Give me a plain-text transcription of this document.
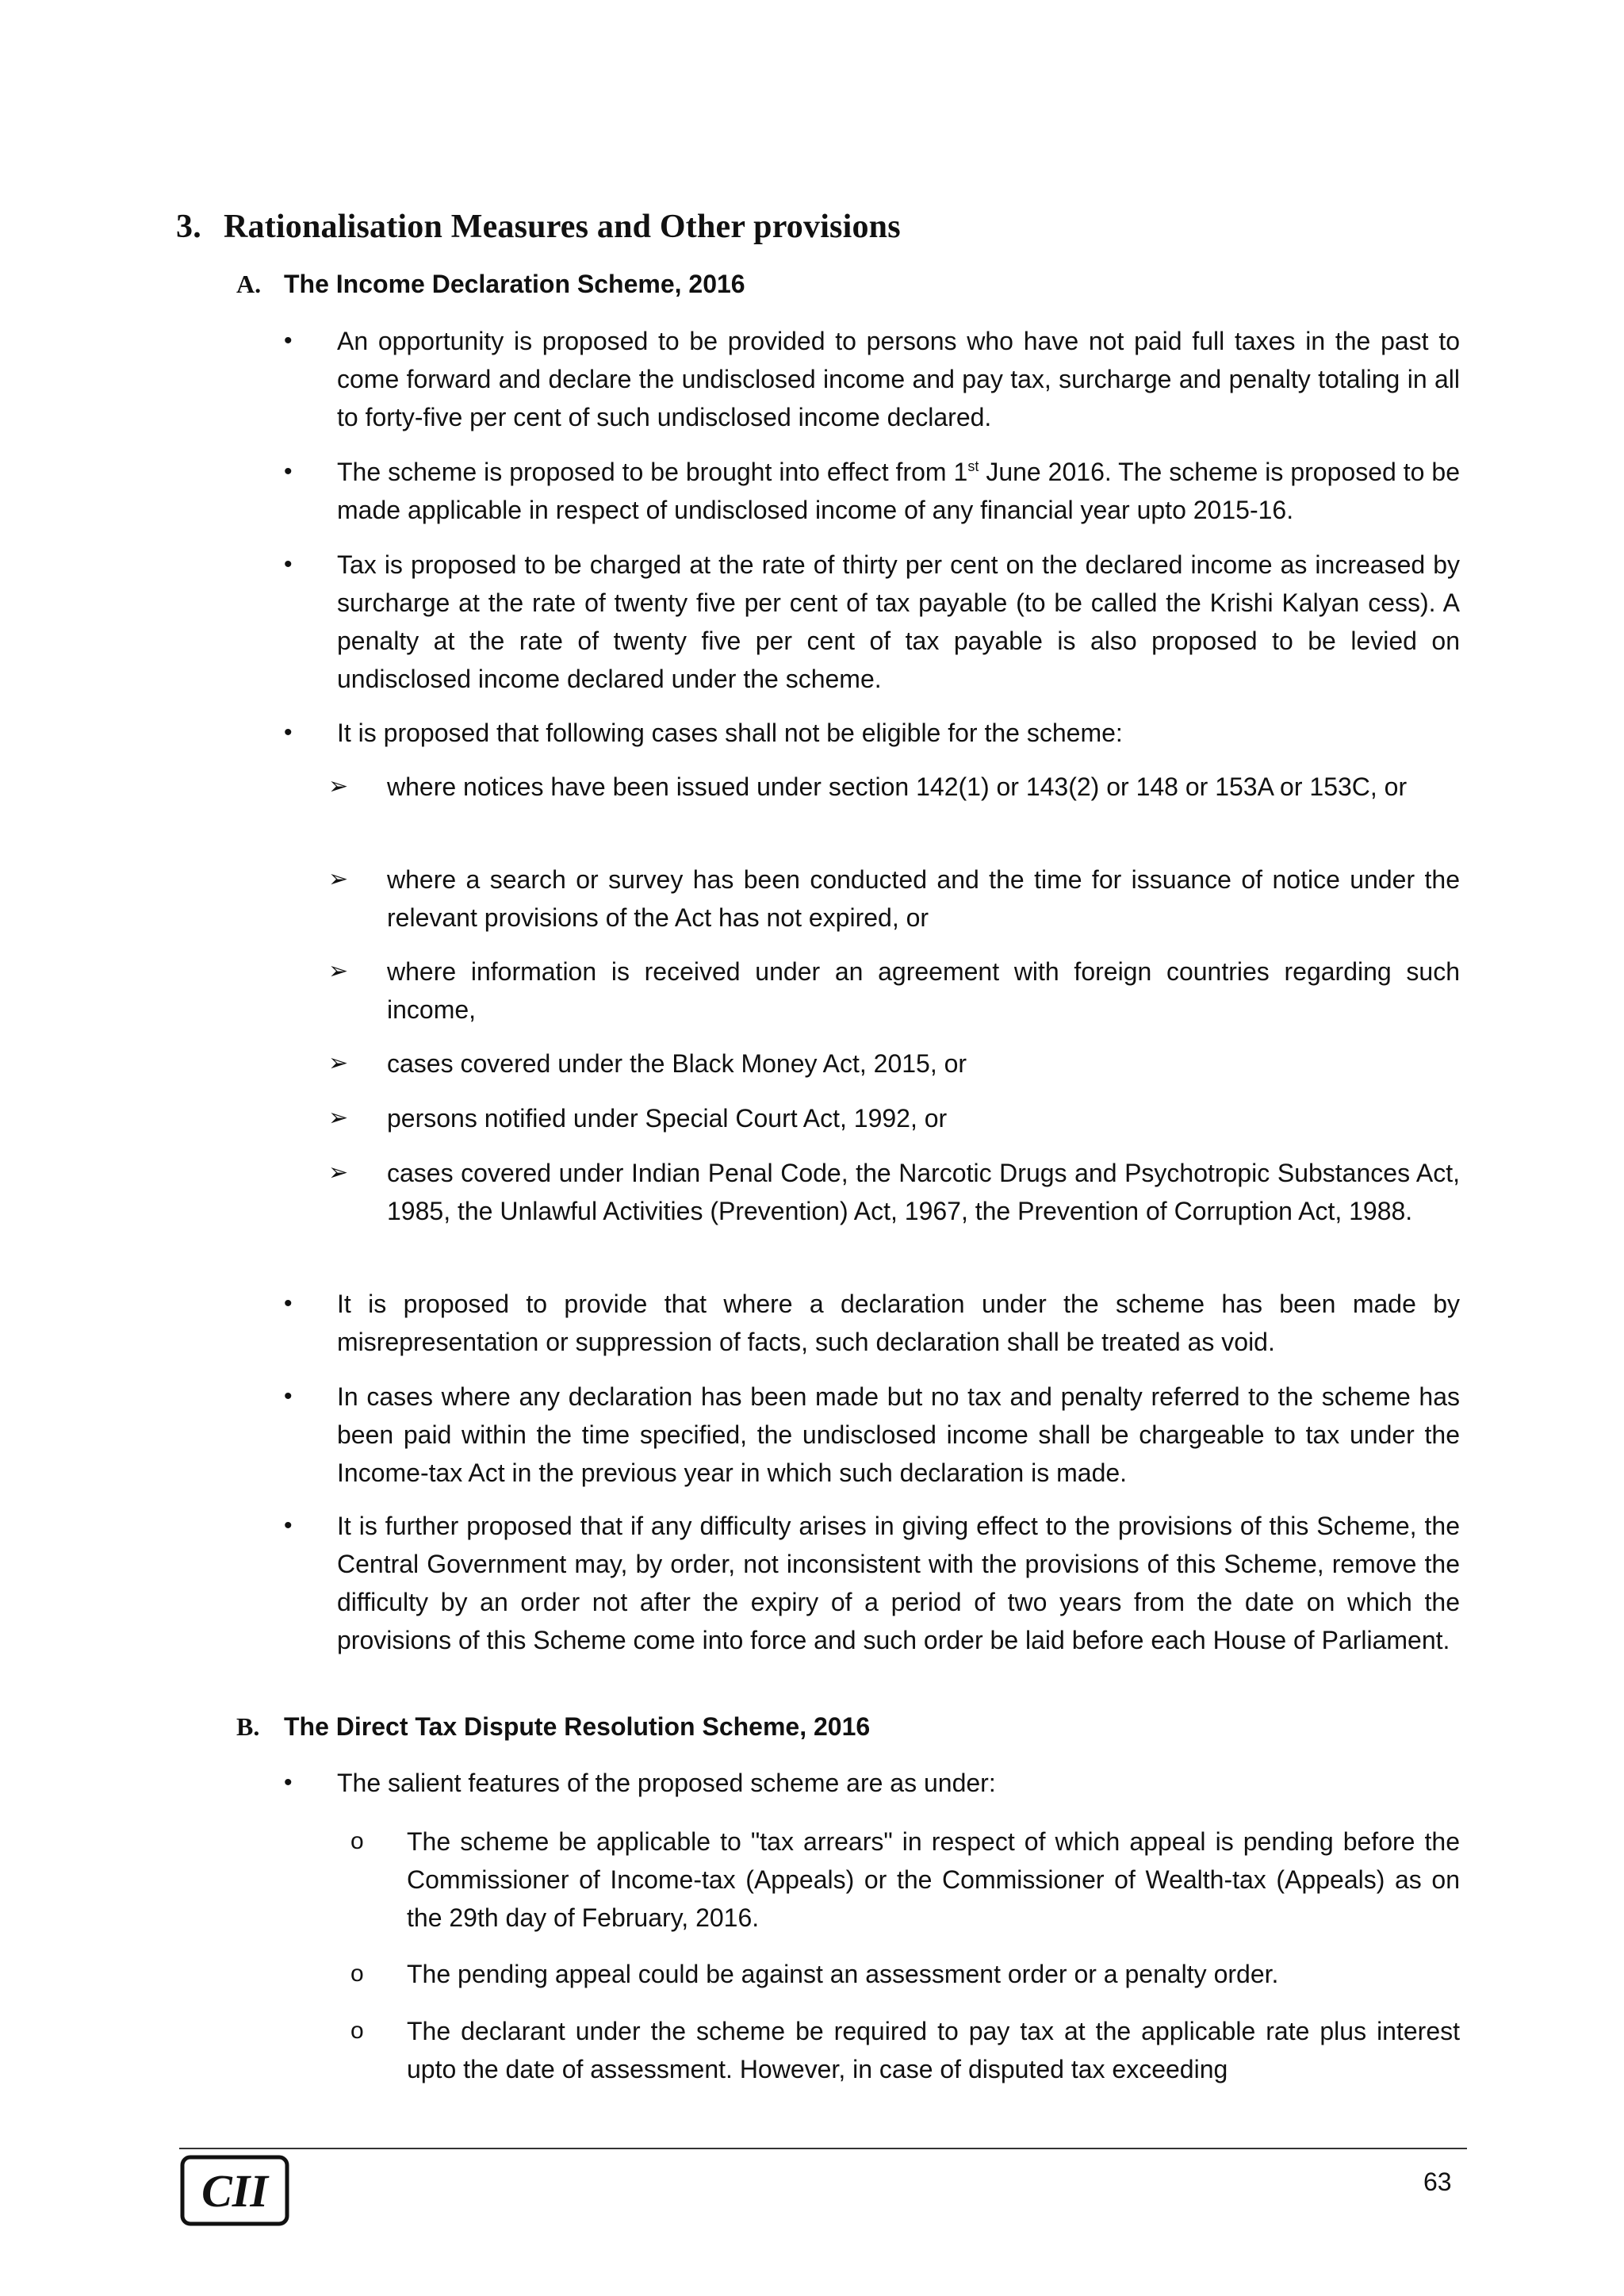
3. Rationalisation Measures and Other provisions
A. The Income Declaration Scheme, 2016
• An opportunity is proposed to be provided to persons who have not paid full taxes in the past to come forward and declare the undisclosed income and pay tax, surcharge and penalty totaling in all to forty-five per cent of such undisclosed income declared.

• The scheme is proposed to be brought into effect from 1st June 2016. The scheme is proposed to be made applicable in respect of undisclosed income of any financial year upto 2015-16.

• Tax is proposed to be charged at the rate of thirty per cent on the declared income as increased by surcharge at the rate of twenty five per cent of tax payable (to be called the Krishi Kalyan cess). A penalty at the rate of twenty five per cent of tax payable is also proposed to be levied on undisclosed income declared under the scheme.

• It is proposed that following cases shall not be eligible for the scheme:

➢ where notices have been issued under section 142(1) or 143(2) or 148 or 153A or 153C, or

➢ where a search or survey has been conducted and the time for issuance of notice under the relevant provisions of the Act has not expired, or

➢ where information is received under an agreement with foreign countries regarding such income,

➢ cases covered under the Black Money Act, 2015, or

➢ persons notified under Special Court Act, 1992, or

➢ cases covered under Indian Penal Code, the Narcotic Drugs and Psychotropic Substances Act, 1985, the Unlawful Activities (Prevention) Act, 1967, the Prevention of Corruption Act, 1988.

• It is proposed to provide that where a declaration under the scheme has been made by misrepresentation or suppression of facts, such declaration shall be treated as void.

• In cases where any declaration has been made but no tax and penalty referred to the scheme has been paid within the time specified, the undisclosed income shall be chargeable to tax under the Income-tax Act in the previous year in which such declaration is made.

• It is further proposed that if any difficulty arises in giving effect to the provisions of this Scheme, the Central Government may, by order, not inconsistent with the provisions of this Scheme, remove the difficulty by an order not after the expiry of a period of two years from the date on which the provisions of this Scheme come into force and such order be laid before each House of Parliament.

B. The Direct Tax Dispute Resolution Scheme, 2016
• The salient features of the proposed scheme are as under:

o The scheme be applicable to "tax arrears" in respect of which appeal is pending before the Commissioner of Income-tax (Appeals) or the Commissioner of Wealth-tax (Appeals) as on the 29th day of February, 2016.

o The pending appeal could be against an assessment order or a penalty order.

o The declarant under the scheme be required to pay tax at the applicable rate plus interest upto the date of assessment. However, in case of disputed tax exceeding

CII	63
